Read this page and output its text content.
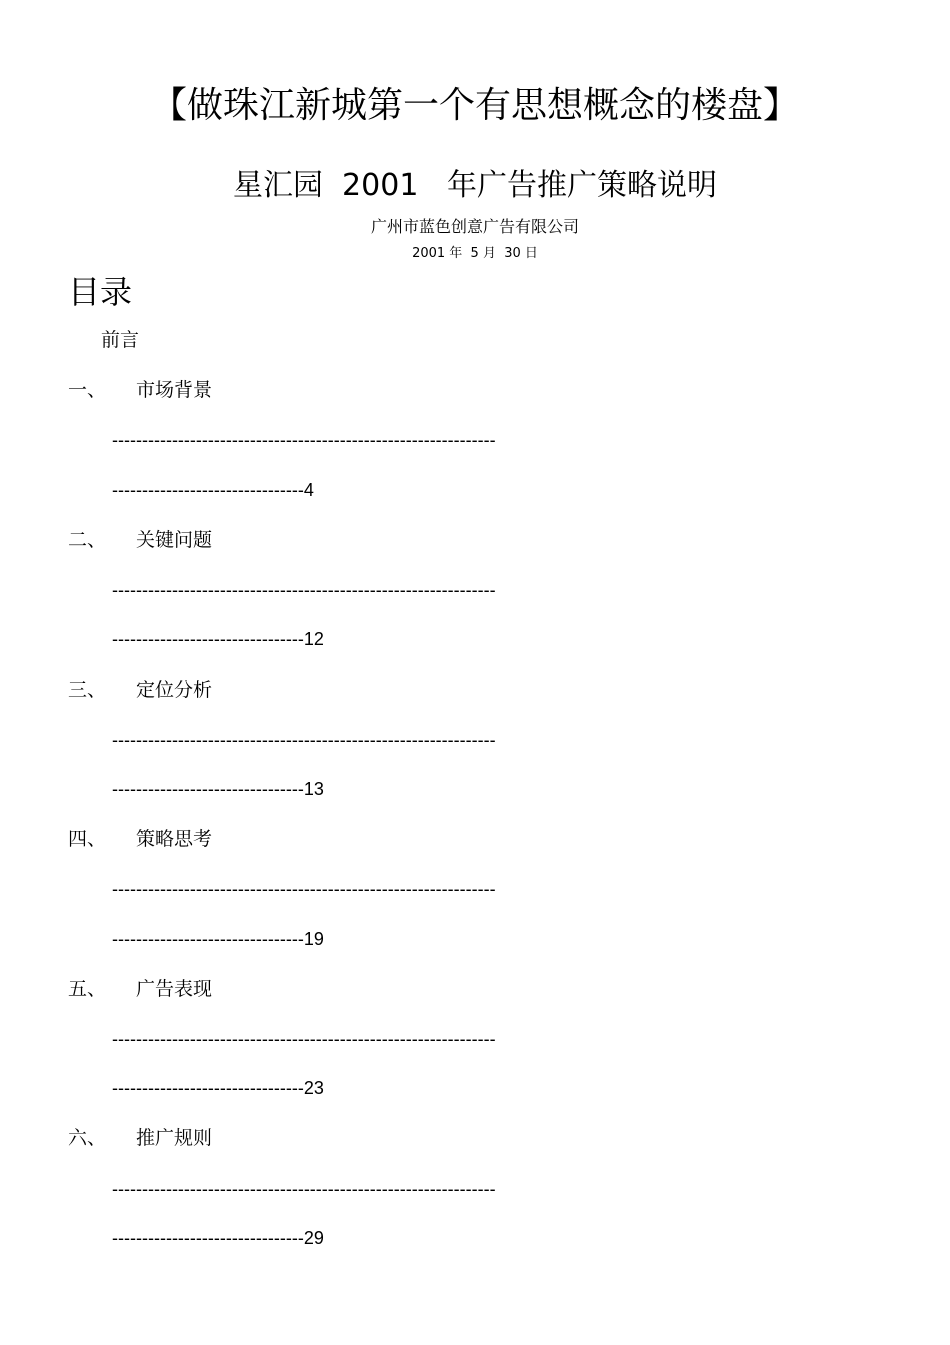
【做珠江新城第一个有思想概念的楼盘】
星汇园  2001   年广告推广策略说明
广州市蓝色创意广告有限公司
2001 年  5 月  30 日
目录
前言
一、 市场背景
----------------------------------------------------------------
--------------------------------4
二、 关键问题
----------------------------------------------------------------
--------------------------------12
三、 定位分析
----------------------------------------------------------------
--------------------------------13
四、 策略思考
----------------------------------------------------------------
--------------------------------19
五、 广告表现
----------------------------------------------------------------
--------------------------------23
六、 推广规则
----------------------------------------------------------------
--------------------------------29
